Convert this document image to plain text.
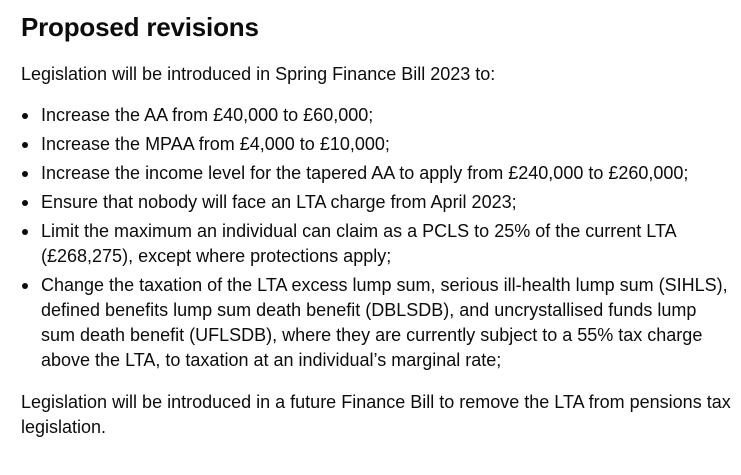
Proposed revisions

Legislation will be introduced in Spring Finance Bill 2023 to:

Increase the AA from £40,000 to £60,000;
Increase the MPAA from £4,000 to £10,000;
Increase the income level for the tapered AA to apply from £240,000 to £260,000;
Ensure that nobody will face an LTA charge from April 2023;
Limit the maximum an individual can claim as a PCLS to 25% of the current LTA (£268,275), except where protections apply;
Change the taxation of the LTA excess lump sum, serious ill-health lump sum (SIHLS), defined benefits lump sum death benefit (DBLSDB), and uncrystallised funds lump sum death benefit (UFLSDB), where they are currently subject to a 55% tax charge above the LTA, to taxation at an individual’s marginal rate;

Legislation will be introduced in a future Finance Bill to remove the LTA from pensions tax legislation.
